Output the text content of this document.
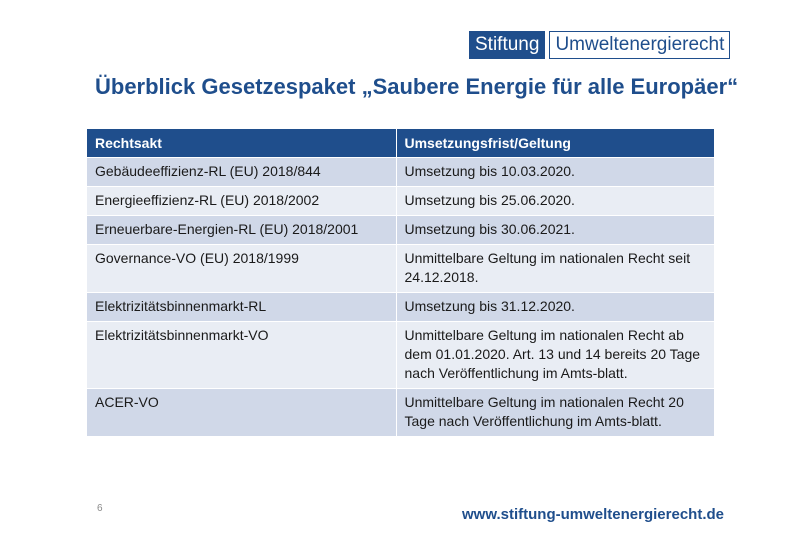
Stiftung Umweltenergierecht
Überblick Gesetzespaket „Saubere Energie für alle Europäer“
Rechtsakt	Umsetzungsfrist/Geltung
Gebäudeeffizienz-RL (EU) 2018/844	Umsetzung bis 10.03.2020.
Energieeffizienz-RL (EU) 2018/2002	Umsetzung bis 25.06.2020.
Erneuerbare-Energien-RL (EU) 2018/2001	Umsetzung bis 30.06.2021.
Governance-VO (EU) 2018/1999	Unmittelbare Geltung im nationalen Recht seit 24.12.2018.
Elektrizitätsbinnenmarkt-RL	Umsetzung bis 31.12.2020.
Elektrizitätsbinnenmarkt-VO	Unmittelbare Geltung im nationalen Recht ab dem 01.01.2020. Art. 13 und 14 bereits 20 Tage nach Veröffentlichung im Amts-blatt.
ACER-VO	Unmittelbare Geltung im nationalen Recht 20 Tage nach Veröffentlichung im Amts-blatt.
6	www.stiftung-umweltenergierecht.de
